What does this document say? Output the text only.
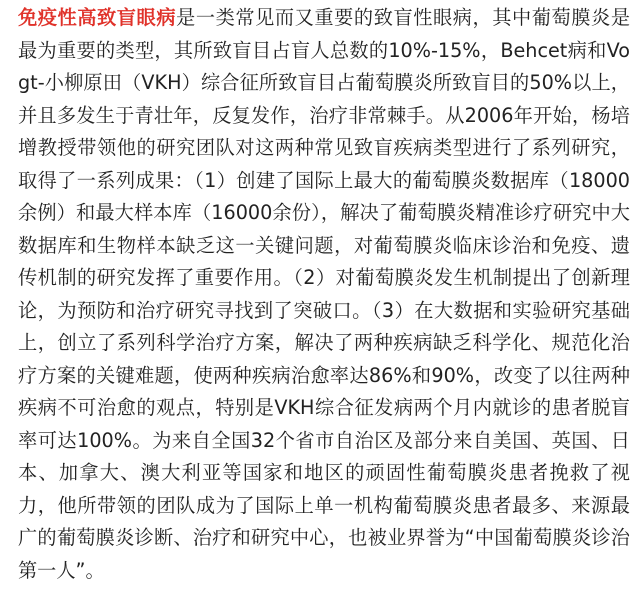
免疫性高致盲眼病是一类常见而又重要的致盲性眼病，其中葡萄膜炎是最为重要的类型，其所致盲目占盲人总数的10%-15%，Behcet病和Vogt-小柳原田（VKH）综合征所致盲目占葡萄膜炎所致盲目的50%以上，并且多发生于青壮年，反复发作，治疗非常棘手。从2006年开始，杨培增教授带领他的研究团队对这两种常见致盲疾病类型进行了系列研究，取得了一系列成果：（1）创建了国际上最大的葡萄膜炎数据库（18000余例）和最大样本库（16000余份），解决了葡萄膜炎精准诊疗研究中大数据库和生物样本缺乏这一关键问题，对葡萄膜炎临床诊治和免疫、遗传机制的研究发挥了重要作用。（2）对葡萄膜炎发生机制提出了创新理论，为预防和治疗研究寻找到了突破口。（3）在大数据和实验研究基础上，创立了系列科学治疗方案，解决了两种疾病缺乏科学化、规范化治疗方案的关键难题，使两种疾病治愈率达86%和90%，改变了以往两种疾病不可治愈的观点，特别是VKH综合征发病两个月内就诊的患者脱盲率可达100%。为来自全国32个省市自治区及部分来自美国、英国、日本、加拿大、澳大利亚等国家和地区的顽固性葡萄膜炎患者挽救了视力，他所带领的团队成为了国际上单一机构葡萄膜炎患者最多、来源最广的葡萄膜炎诊断、治疗和研究中心，也被业界誉为“中国葡萄膜炎诊治第一人”。
